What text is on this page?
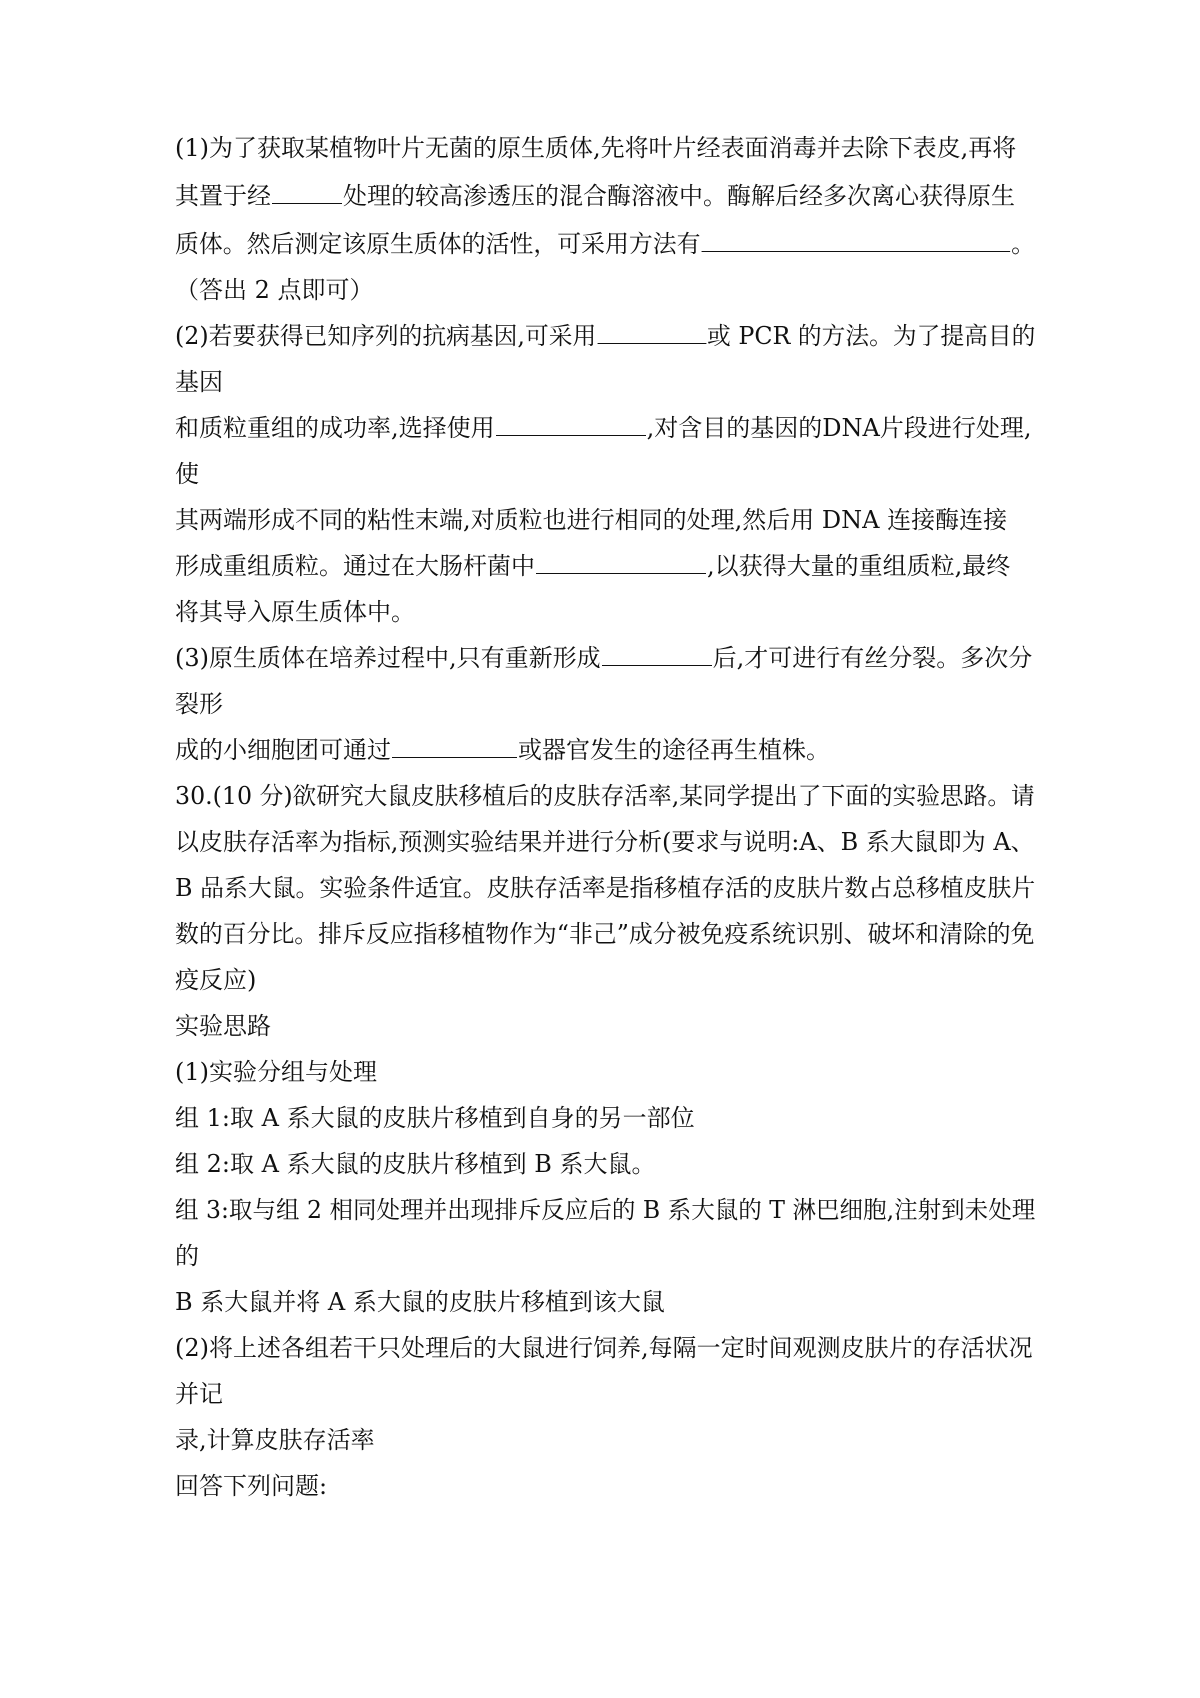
(1)为了获取某植物叶片无菌的原生质体,先将叶片经表面消毒并去除下表皮,再将
其置于经	处理的较高渗透压的混合酶溶液中。酶解后经多次离心获得原生
质体。然后测定该原生质体的活性，可采用方法有	。
（答出 2 点即可）
(2)若要获得已知序列的抗病基因,可采用	或 PCR 的方法。为了提高目的
基因
和质粒重组的成功率,选择使用	,对含目的基因的DNA片段进行处理,
使
其两端形成不同的粘性末端,对质粒也进行相同的处理,然后用 DNA 连接酶连接
形成重组质粒。通过在大肠杆菌中	,以获得大量的重组质粒,最终
将其导入原生质体中。
(3)原生质体在培养过程中,只有重新形成	后,才可进行有丝分裂。多次分
裂形
成的小细胞团可通过	或器官发生的途径再生植株。
30.(10 分)欲研究大鼠皮肤移植后的皮肤存活率,某同学提出了下面的实验思路。请
以皮肤存活率为指标,预测实验结果并进行分析(要求与说明:A、B 系大鼠即为 A、
B 品系大鼠。实验条件适宜。皮肤存活率是指移植存活的皮肤片数占总移植皮肤片
数的百分比。排斥反应指移植物作为“非己”成分被免疫系统识别、破坏和清除的免
疫反应)
实验思路
(1)实验分组与处理
组 1:取 A 系大鼠的皮肤片移植到自身的另一部位
组 2:取 A 系大鼠的皮肤片移植到 B 系大鼠。
组 3:取与组 2 相同处理并出现排斥反应后的 B 系大鼠的 T 淋巴细胞,注射到未处理
的
B 系大鼠并将 A 系大鼠的皮肤片移植到该大鼠
(2)将上述各组若干只处理后的大鼠进行饲养,每隔一定时间观测皮肤片的存活状况
并记
录,计算皮肤存活率
回答下列问题:
